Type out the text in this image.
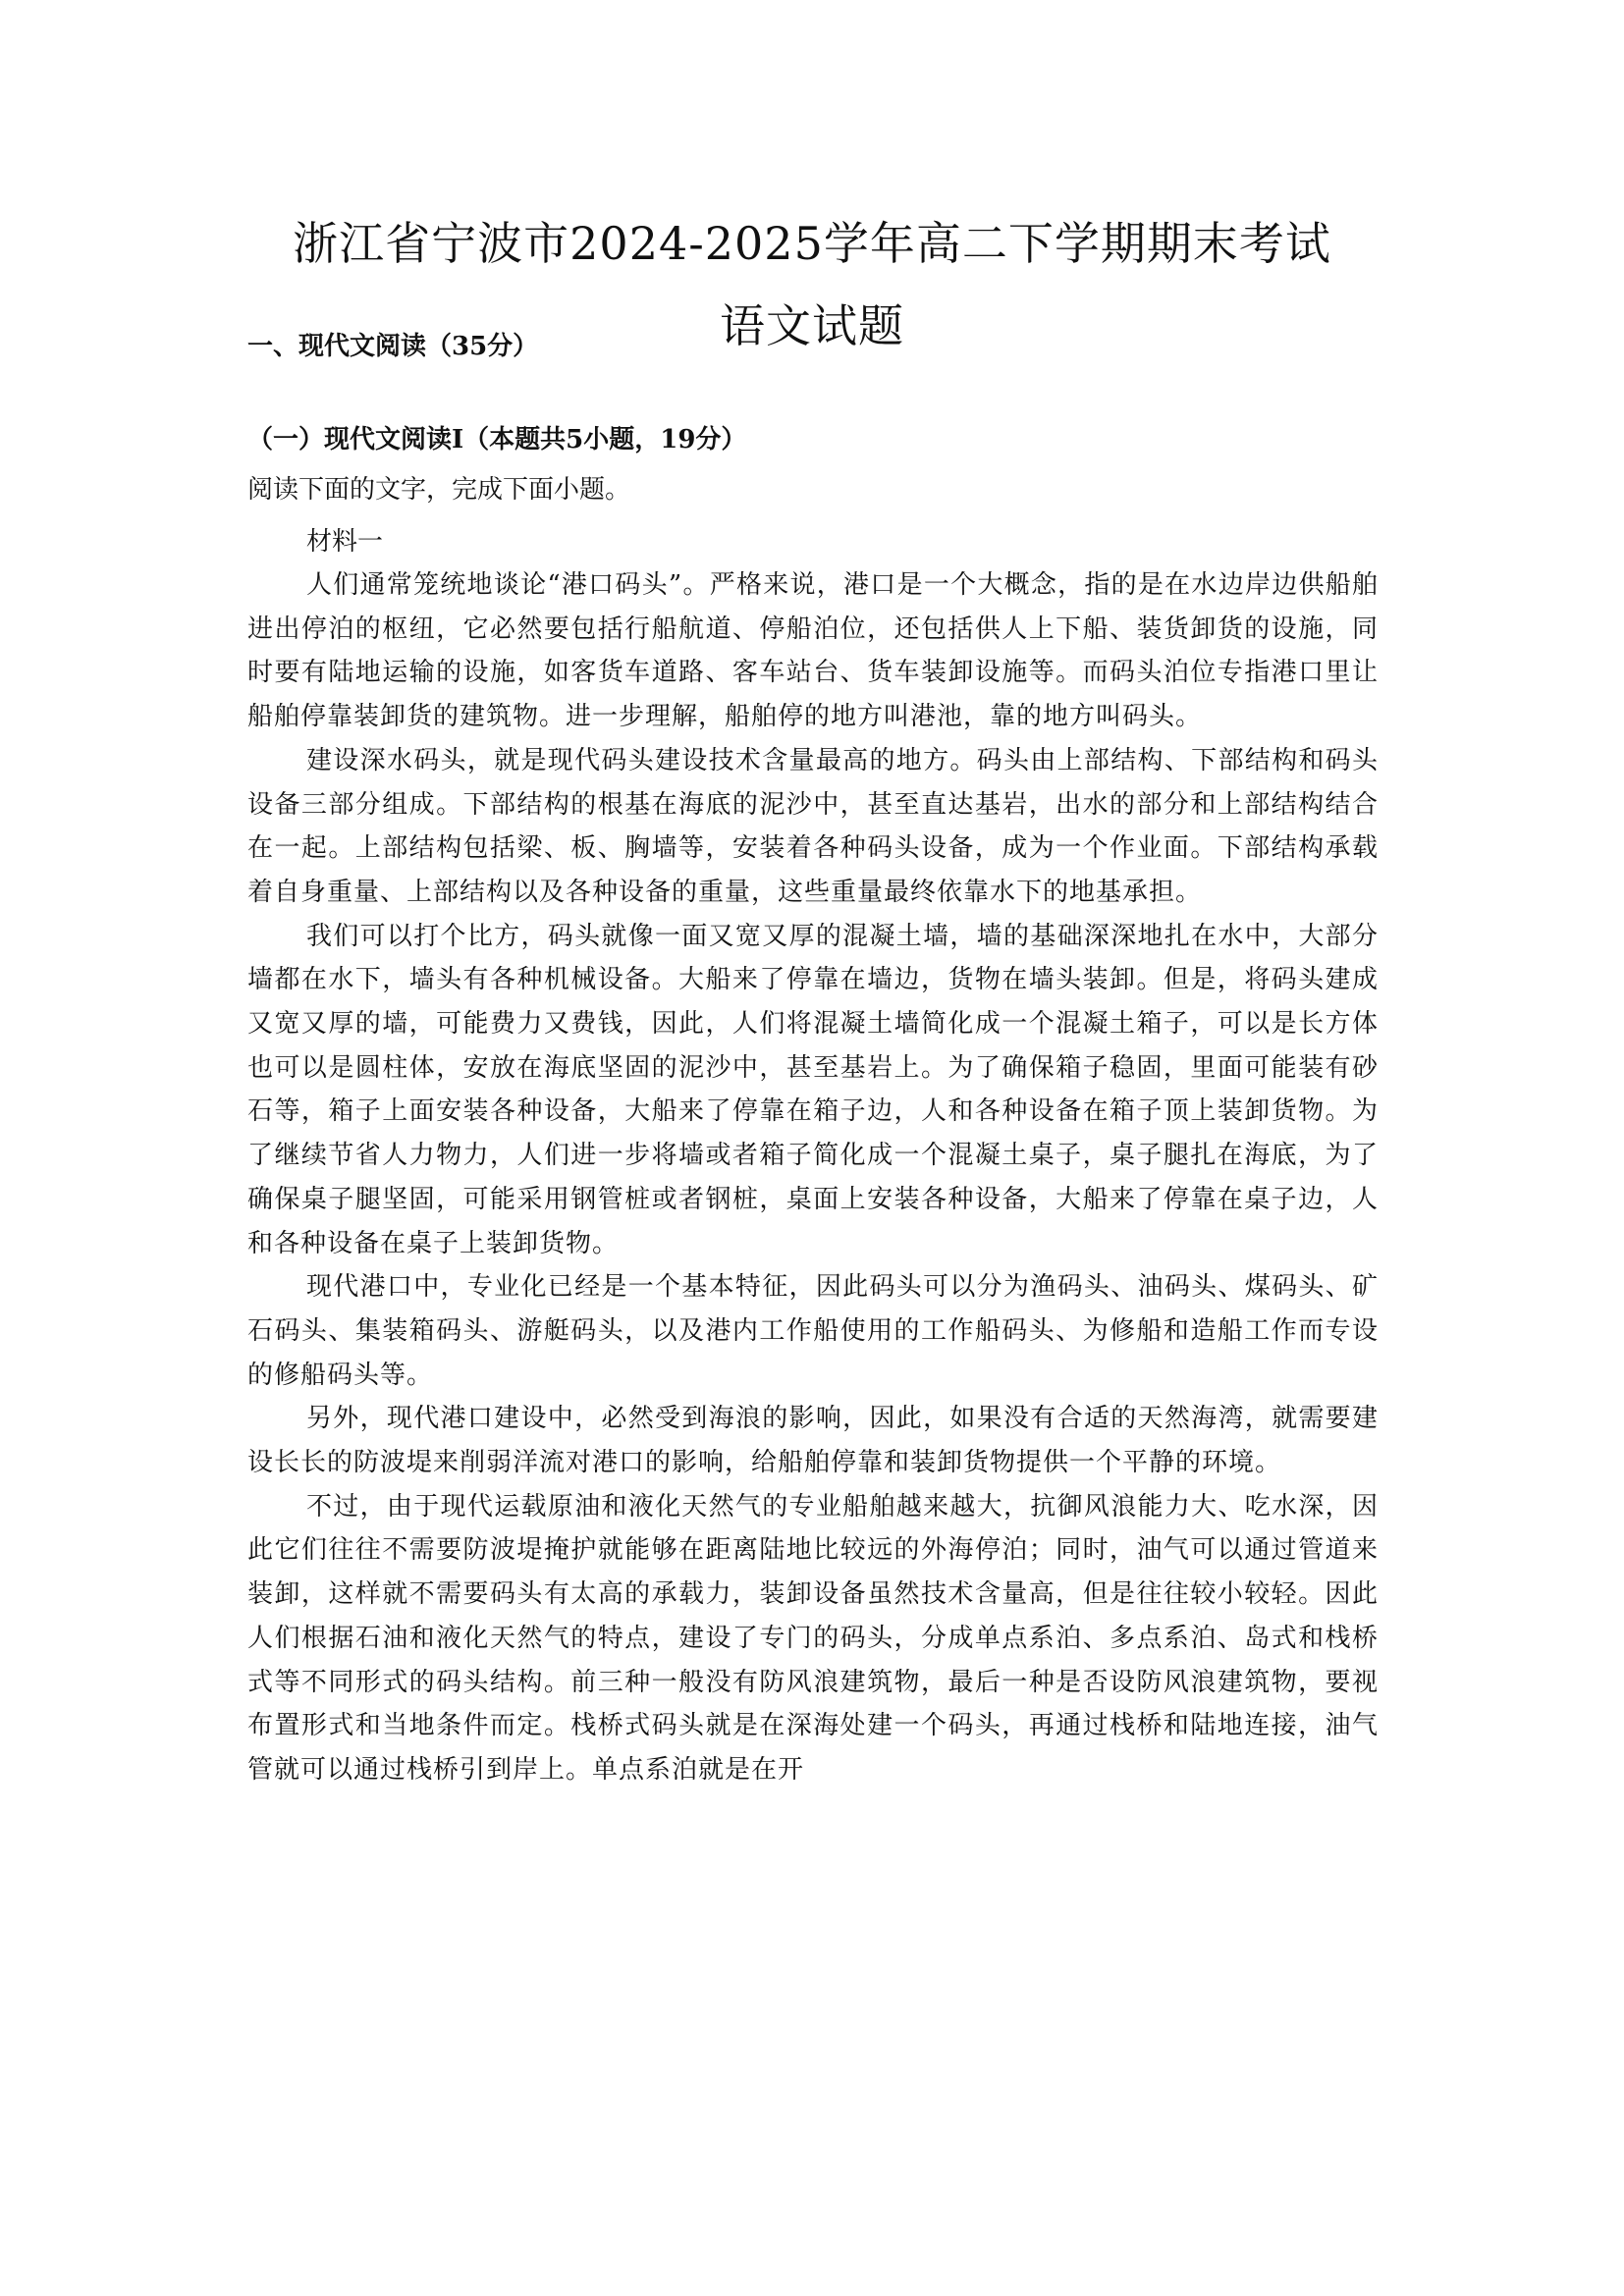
浙江省宁波市2024-2025学年高二下学期期末考试
语文试题

一、现代文阅读（35分）

（一）现代文阅读Ⅰ（本题共5小题，19分）

阅读下面的文字，完成下面小题。

材料一

人们通常笼统地谈论“港口码头”。严格来说，港口是一个大概念，指的是在水边岸边供船舶进出停泊的枢纽，它必然要包括行船航道、停船泊位，还包括供人上下船、装货卸货的设施，同时要有陆地运输的设施，如客货车道路、客车站台、货车装卸设施等。而码头泊位专指港口里让船舶停靠装卸货的建筑物。进一步理解，船舶停的地方叫港池，靠的地方叫码头。

建设深水码头，就是现代码头建设技术含量最高的地方。码头由上部结构、下部结构和码头设备三部分组成。下部结构的根基在海底的泥沙中，甚至直达基岩，出水的部分和上部结构结合在一起。上部结构包括梁、板、胸墙等，安装着各种码头设备，成为一个作业面。下部结构承载着自身重量、上部结构以及各种设备的重量，这些重量最终依靠水下的地基承担。

我们可以打个比方，码头就像一面又宽又厚的混凝土墙，墙的基础深深地扎在水中，大部分墙都在水下，墙头有各种机械设备。大船来了停靠在墙边，货物在墙头装卸。但是，将码头建成又宽又厚的墙，可能费力又费钱，因此，人们将混凝土墙简化成一个混凝土箱子，可以是长方体也可以是圆柱体，安放在海底坚固的泥沙中，甚至基岩上。为了确保箱子稳固，里面可能装有砂石等，箱子上面安装各种设备，大船来了停靠在箱子边，人和各种设备在箱子顶上装卸货物。为了继续节省人力物力，人们进一步将墙或者箱子简化成一个混凝土桌子，桌子腿扎在海底，为了确保桌子腿坚固，可能采用钢管桩或者钢桩，桌面上安装各种设备，大船来了停靠在桌子边，人和各种设备在桌子上装卸货物。

现代港口中，专业化已经是一个基本特征，因此码头可以分为渔码头、油码头、煤码头、矿石码头、集装箱码头、游艇码头，以及港内工作船使用的工作船码头、为修船和造船工作而专设的修船码头等。

另外，现代港口建设中，必然受到海浪的影响，因此，如果没有合适的天然海湾，就需要建设长长的防波堤来削弱洋流对港口的影响，给船舶停靠和装卸货物提供一个平静的环境。

不过，由于现代运载原油和液化天然气的专业船舶越来越大，抗御风浪能力大、吃水深，因此它们往往不需要防波堤掩护就能够在距离陆地比较远的外海停泊；同时，油气可以通过管道来装卸，这样就不需要码头有太高的承载力，装卸设备虽然技术含量高，但是往往较小较轻。因此人们根据石油和液化天然气的特点，建设了专门的码头，分成单点系泊、多点系泊、岛式和栈桥式等不同形式的码头结构。前三种一般没有防风浪建筑物，最后一种是否设防风浪建筑物，要视布置形式和当地条件而定。栈桥式码头就是在深海处建一个码头，再通过栈桥和陆地连接，油气管就可以通过栈桥引到岸上。单点系泊就是在开
